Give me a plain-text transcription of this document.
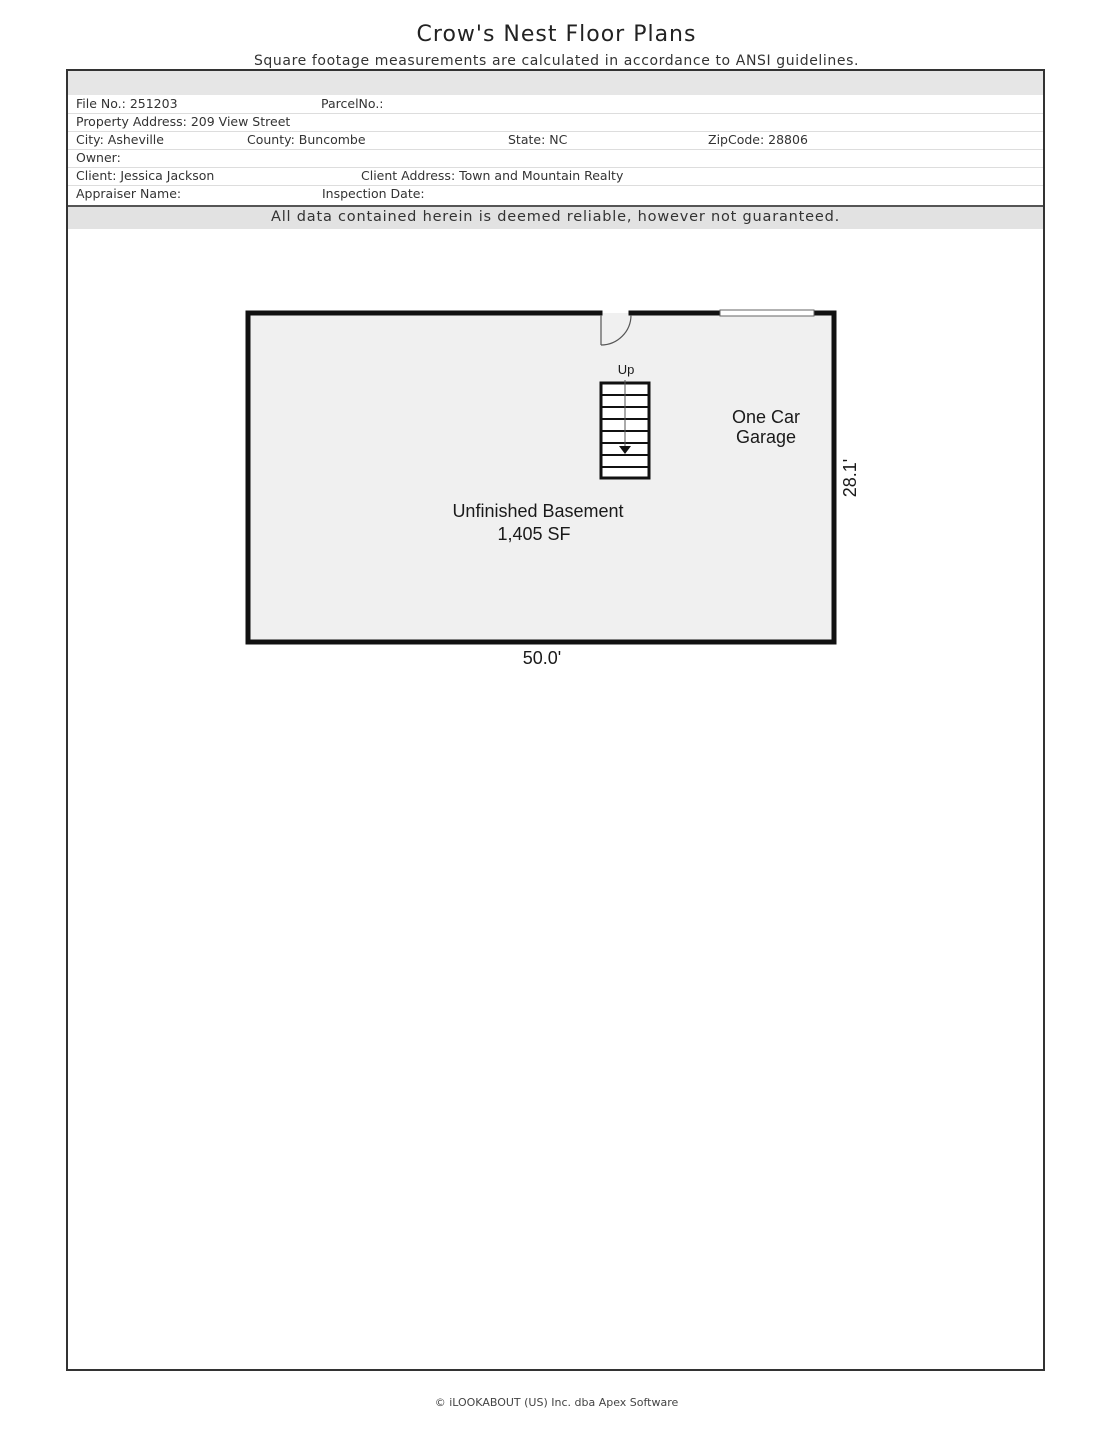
Crow's Nest Floor Plans
Square footage measurements are calculated in accordance to ANSI guidelines.
File No.: 251203	ParcelNo.:
Property Address: 209 View Street
City: Asheville	County: Buncombe	State: NC	ZipCode: 28806
Owner:
Client: Jessica Jackson	Client Address: Town and Mountain Realty
Appraiser Name:	Inspection Date:
All data contained herein is deemed reliable, however not guaranteed.
Up
One Car
Garage
Unfinished Basement
1,405 SF
50.0'
28.1'
© iLOOKABOUT (US) Inc. dba Apex Software
